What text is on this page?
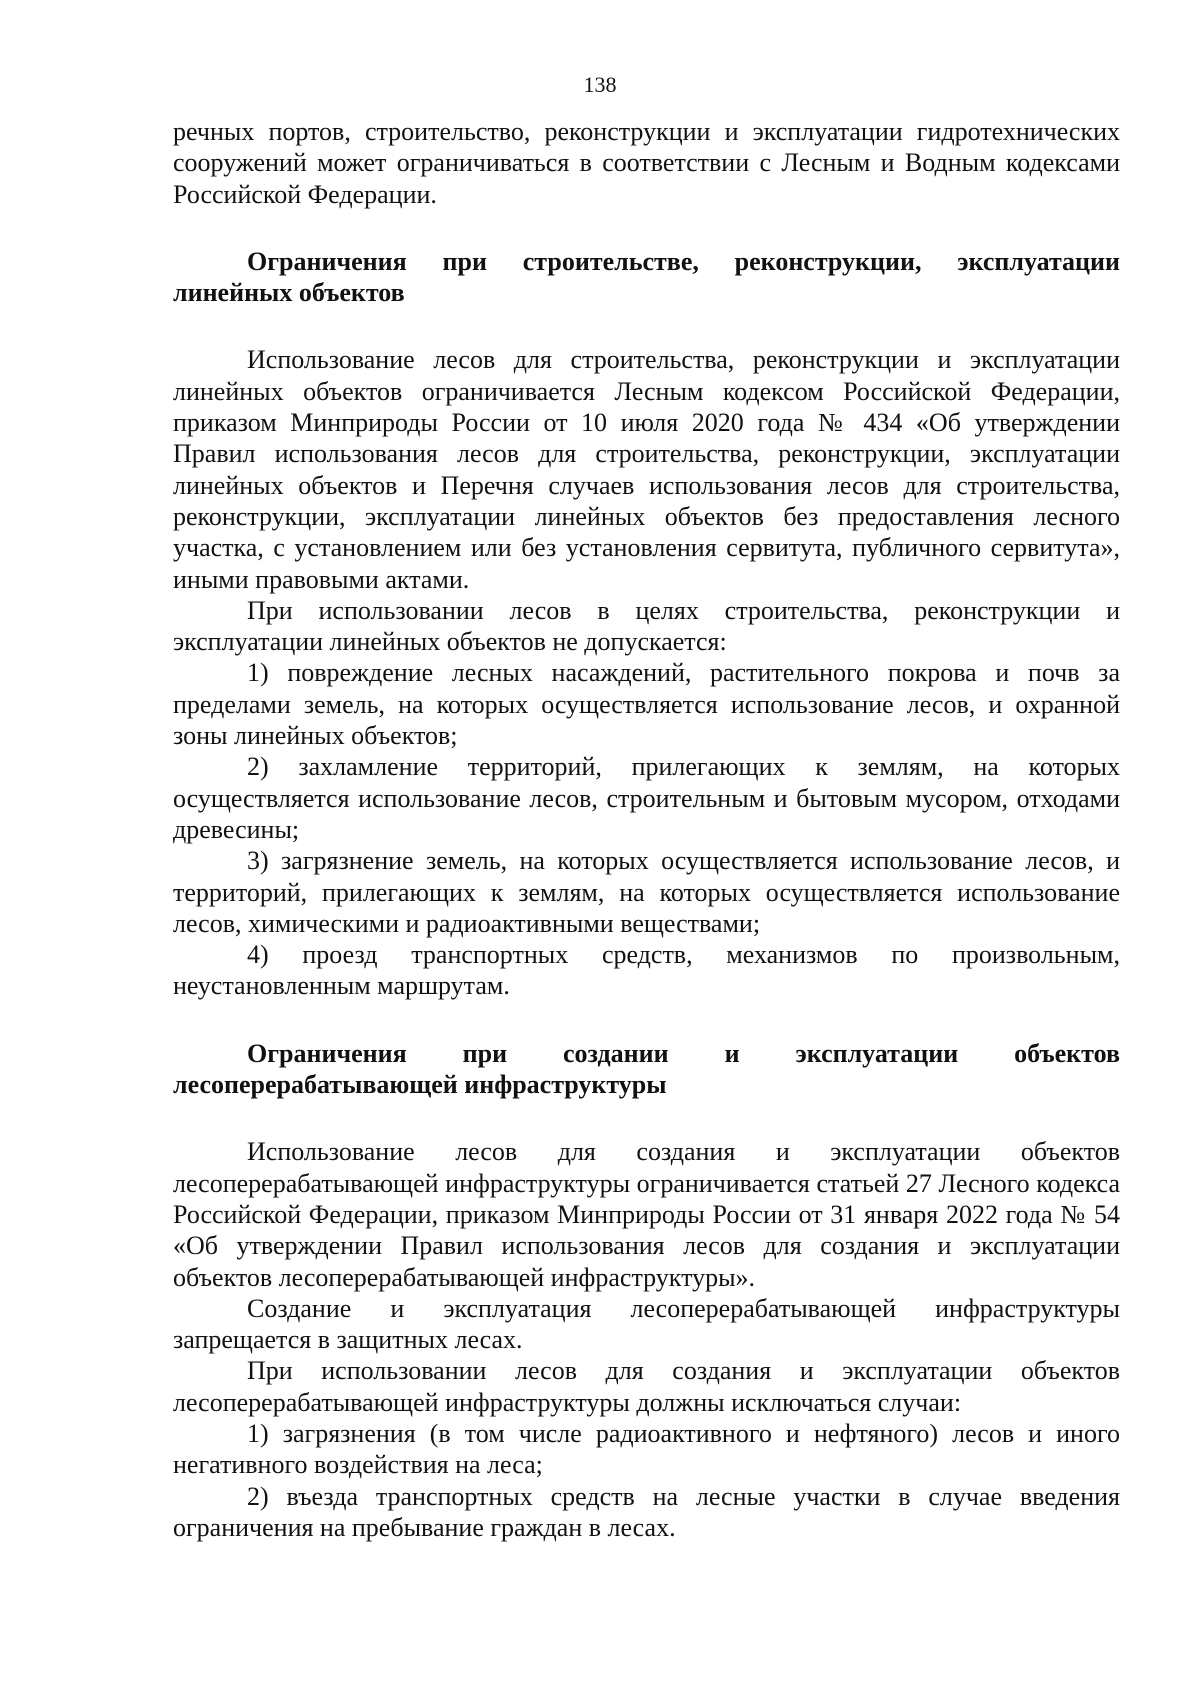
138

речных портов, строительство, реконструкции и эксплуатации гидротехнических сооружений может ограничиваться в соответствии с Лесным и Водным кодексами Российской Федерации.

Ограничения при строительстве, реконструкции, эксплуатации линейных объектов

Использование лесов для строительства, реконструкции и эксплуатации линейных объектов ограничивается Лесным кодексом Российской Федерации, приказом Минприроды России от 10 июля 2020 года № 434 «Об утверждении Правил использования лесов для строительства, реконструкции, эксплуатации линейных объектов и Перечня случаев использования лесов для строительства, реконструкции, эксплуатации линейных объектов без предоставления лесного участка, с установлением или без установления сервитута, публичного сервитута», иными правовыми актами.

При использовании лесов в целях строительства, реконструкции и эксплуатации линейных объектов не допускается:

1) повреждение лесных насаждений, растительного покрова и почв за пределами земель, на которых осуществляется использование лесов, и охранной зоны линейных объектов;

2) захламление территорий, прилегающих к землям, на которых осуществляется использование лесов, строительным и бытовым мусором, отходами древесины;

3) загрязнение земель, на которых осуществляется использование лесов, и территорий, прилегающих к землям, на которых осуществляется использование лесов, химическими и радиоактивными веществами;

4) проезд транспортных средств, механизмов по произвольным, неустановленным маршрутам.

Ограничения при создании и эксплуатации объектов лесоперерабатывающей инфраструктуры

Использование лесов для создания и эксплуатации объектов лесоперерабатывающей инфраструктуры ограничивается статьей 27 Лесного кодекса Российской Федерации, приказом Минприроды России от 31 января 2022 года № 54 «Об утверждении Правил использования лесов для создания и эксплуатации объектов лесоперерабатывающей инфраструктуры».

Создание и эксплуатация лесоперерабатывающей инфраструктуры запрещается в защитных лесах.

При использовании лесов для создания и эксплуатации объектов лесоперерабатывающей инфраструктуры должны исключаться случаи:

1) загрязнения (в том числе радиоактивного и нефтяного) лесов и иного негативного воздействия на леса;

2) въезда транспортных средств на лесные участки в случае введения ограничения на пребывание граждан в лесах.
